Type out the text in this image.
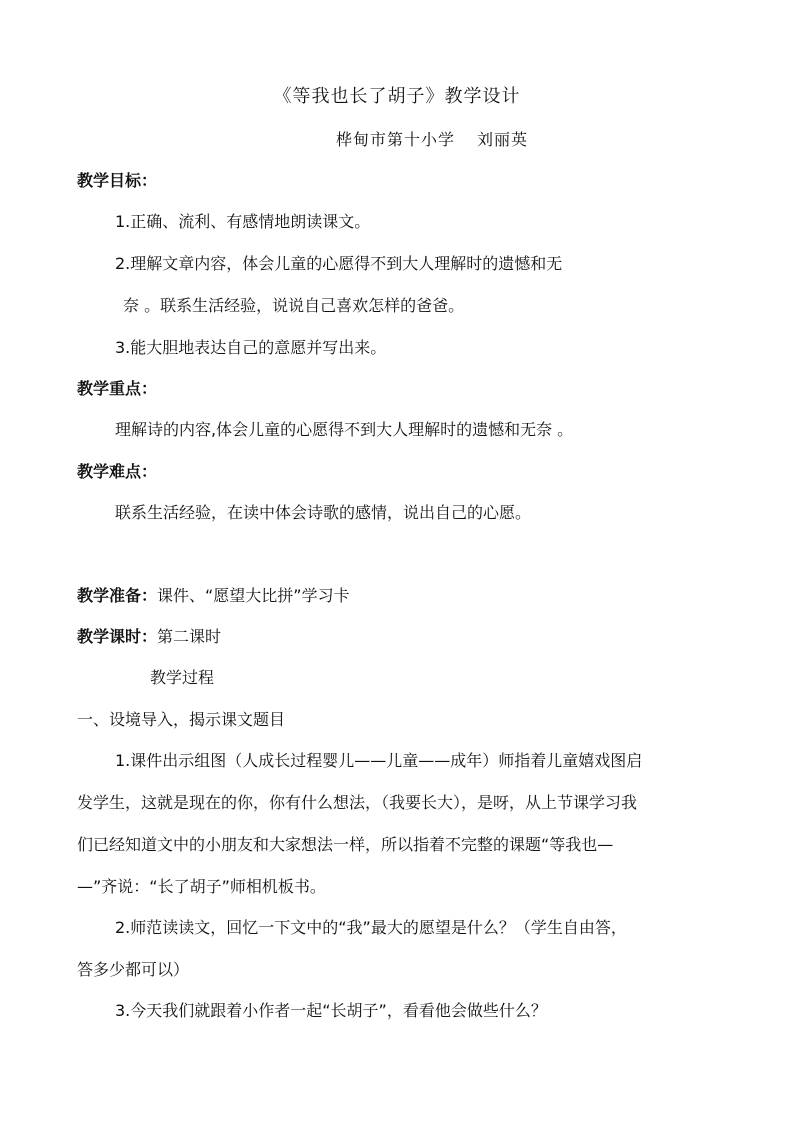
《等我也长了胡子》教学设计
桦甸市第十小学 刘丽英
教学目标：
1.正确、流利、有感情地朗读课文。
2.理解文章内容，体会儿童的心愿得不到大人理解时的遗憾和无
奈 。联系生活经验，说说自己喜欢怎样的爸爸。
3.能大胆地表达自己的意愿并写出来。
教学重点：
理解诗的内容,体会儿童的心愿得不到大人理解时的遗憾和无奈 。
教学难点：
联系生活经验，在读中体会诗歌的感情，说出自己的心愿。
教学准备：课件、“愿望大比拼”学习卡
教学课时：第二课时
教学过程
一、设境导入，揭示课文题目
1.课件出示组图（人成长过程婴儿——儿童——成年）师指着儿童嬉戏图启
发学生，这就是现在的你，你有什么想法，（我要长大），是呀，从上节课学习我
们已经知道文中的小朋友和大家想法一样，所以指着不完整的课题“等我也—
—”齐说：“长了胡子”师相机板书。
2.师范读读文，回忆一下文中的“我”最大的愿望是什么？（学生自由答，
答多少都可以）
3.今天我们就跟着小作者一起“长胡子”，看看他会做些什么？
